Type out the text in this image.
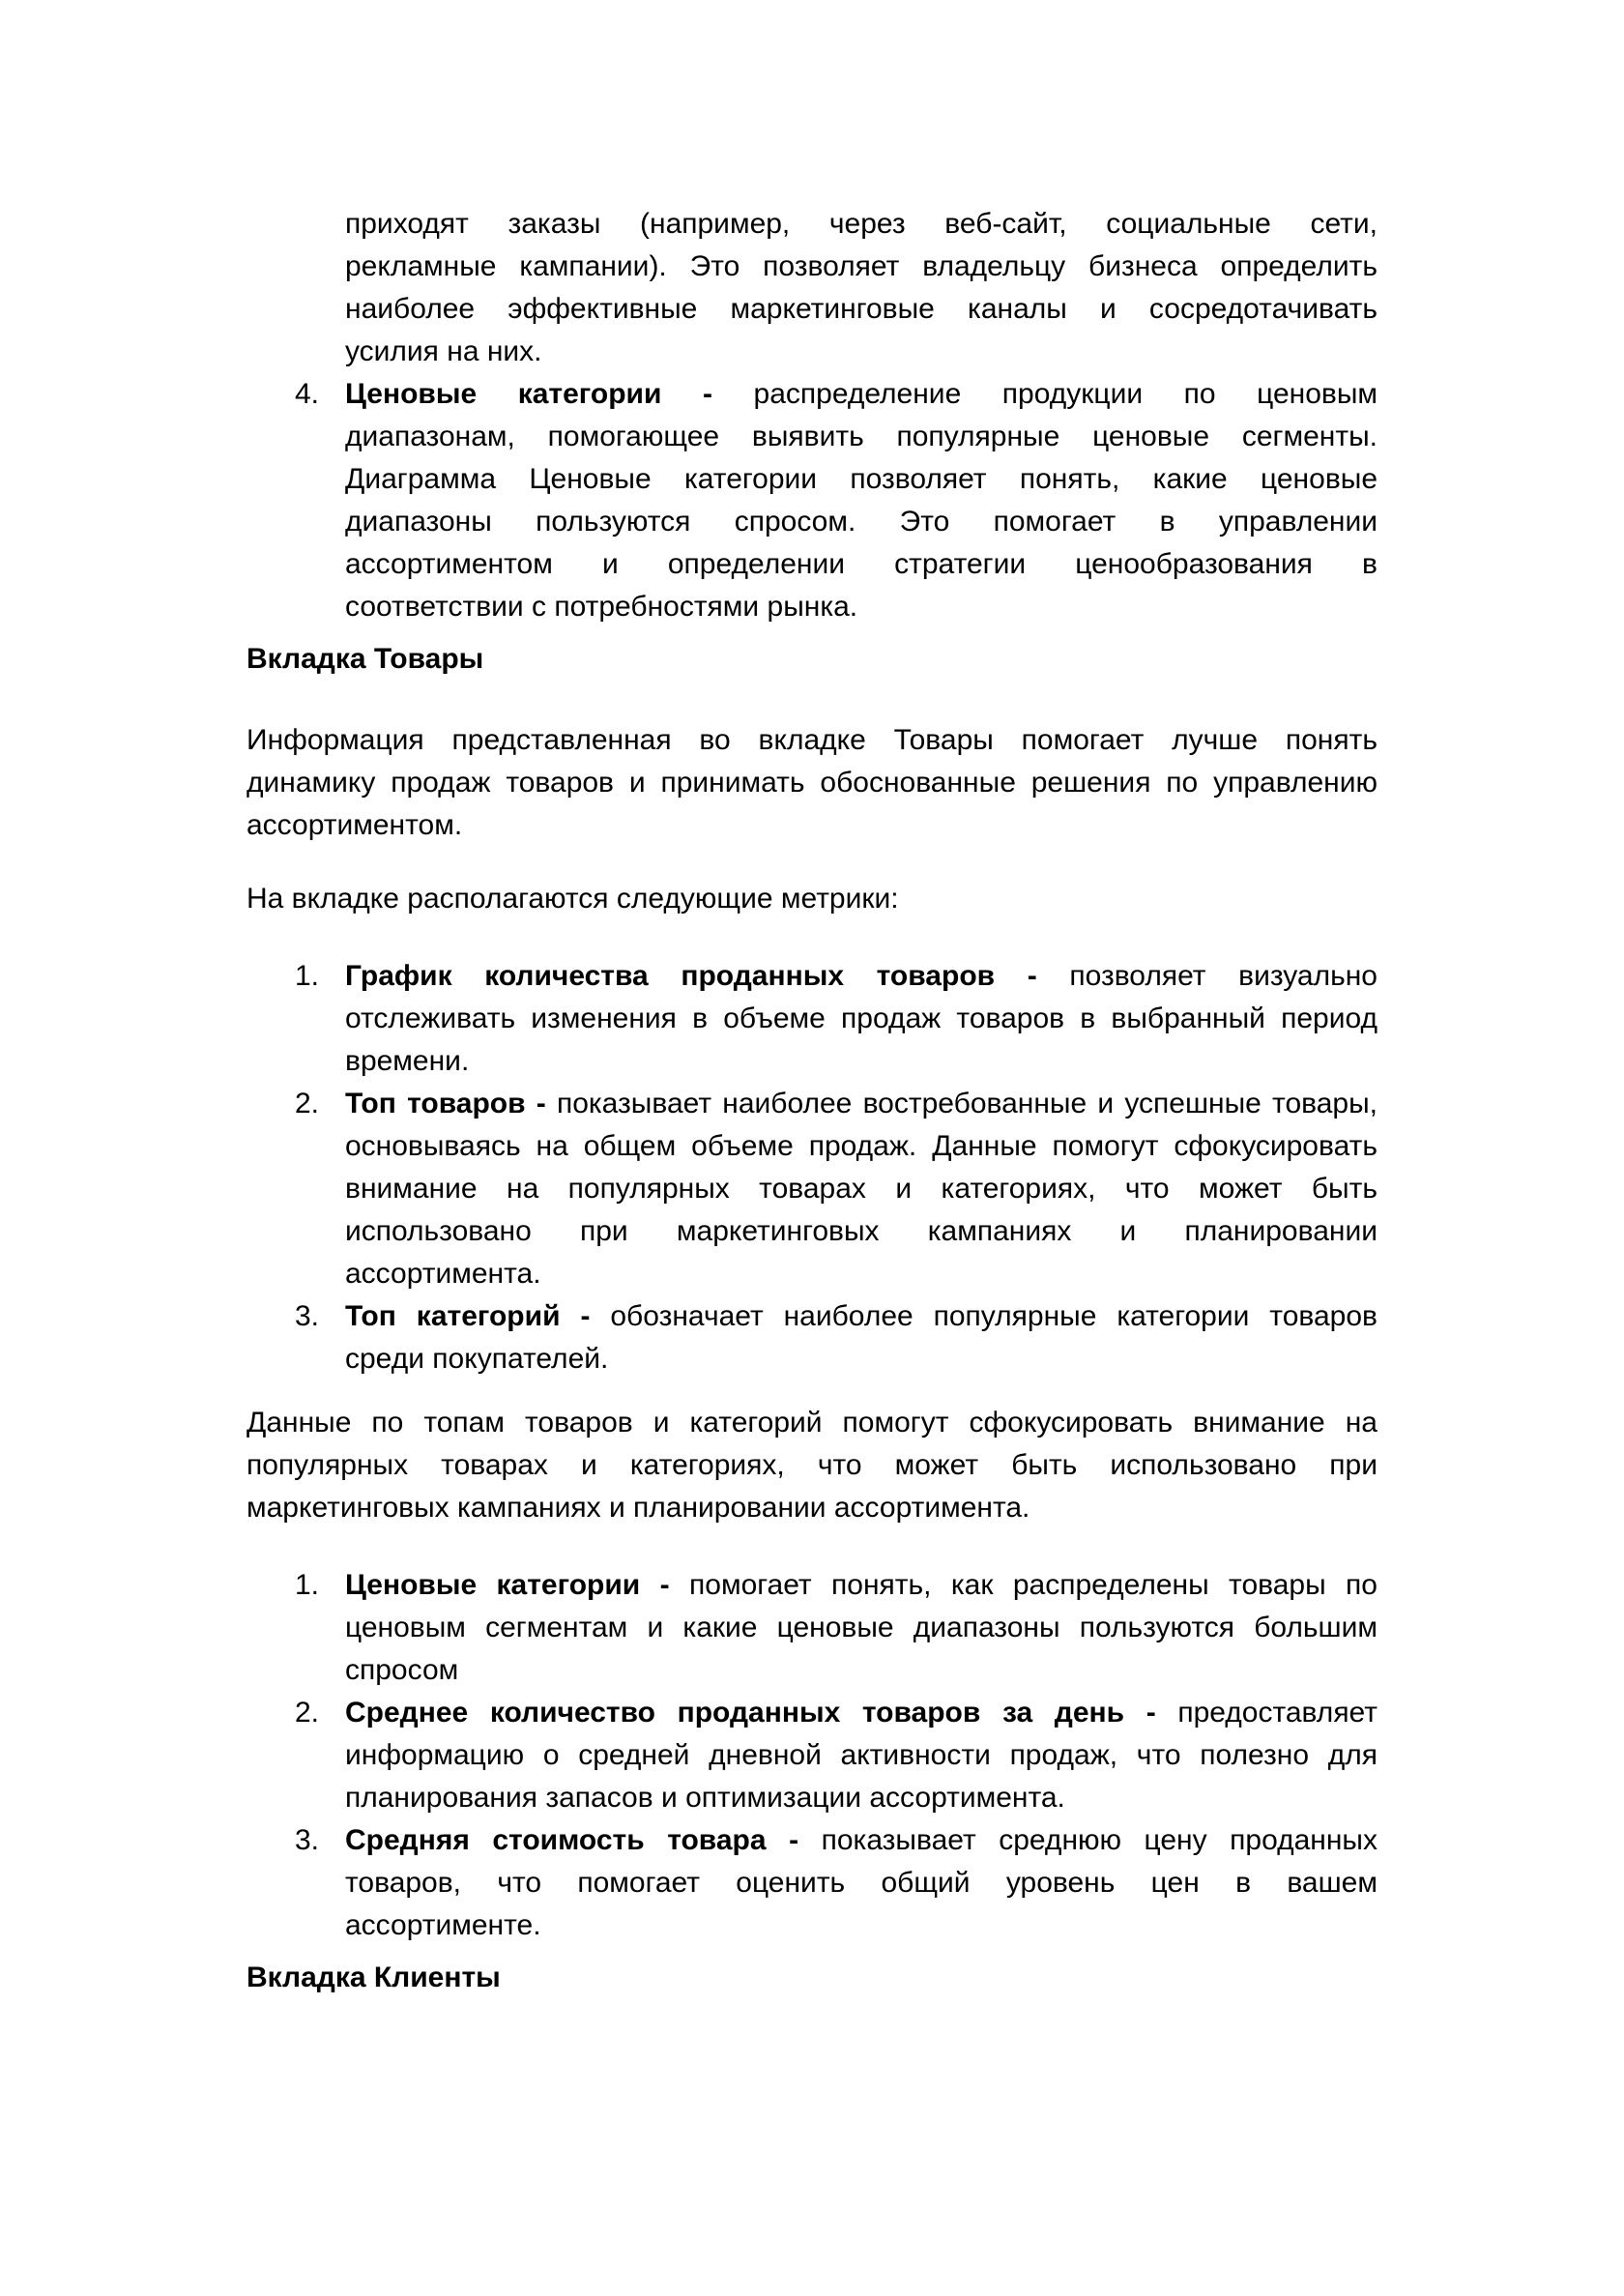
приходят заказы (например, через веб-сайт, социальные сети,
рекламные кампании). Это позволяет владельцу бизнеса определить
наиболее эффективные маркетинговые каналы и сосредотачивать
усилия на них.
4. Ценовые категории - распределение продукции по ценовым
диапазонам, помогающее выявить популярные ценовые сегменты.
Диаграмма Ценовые категории позволяет понять, какие ценовые
диапазоны пользуются спросом. Это помогает в управлении
ассортиментом и определении стратегии ценообразования в
соответствии с потребностями рынка.
Вкладка Товары
Информация представленная во вкладке Товары помогает лучше понять
динамику продаж товаров и принимать обоснованные решения по управлению
ассортиментом.
На вкладке располагаются следующие метрики:
1. График количества проданных товаров - позволяет визуально
отслеживать изменения в объеме продаж товаров в выбранный период
времени.
2. Топ товаров - показывает наиболее востребованные и успешные товары,
основываясь на общем объеме продаж. Данные помогут сфокусировать
внимание на популярных товарах и категориях, что может быть
использовано при маркетинговых кампаниях и планировании
ассортимента.
3. Топ категорий - обозначает наиболее популярные категории товаров
среди покупателей.
Данные по топам товаров и категорий помогут сфокусировать внимание на
популярных товарах и категориях, что может быть использовано при
маркетинговых кампаниях и планировании ассортимента.
1. Ценовые категории - помогает понять, как распределены товары по
ценовым сегментам и какие ценовые диапазоны пользуются большим
спросом
2. Среднее количество проданных товаров за день - предоставляет
информацию о средней дневной активности продаж, что полезно для
планирования запасов и оптимизации ассортимента.
3. Средняя стоимость товара - показывает среднюю цену проданных
товаров, что помогает оценить общий уровень цен в вашем
ассортименте.
Вкладка Клиенты
